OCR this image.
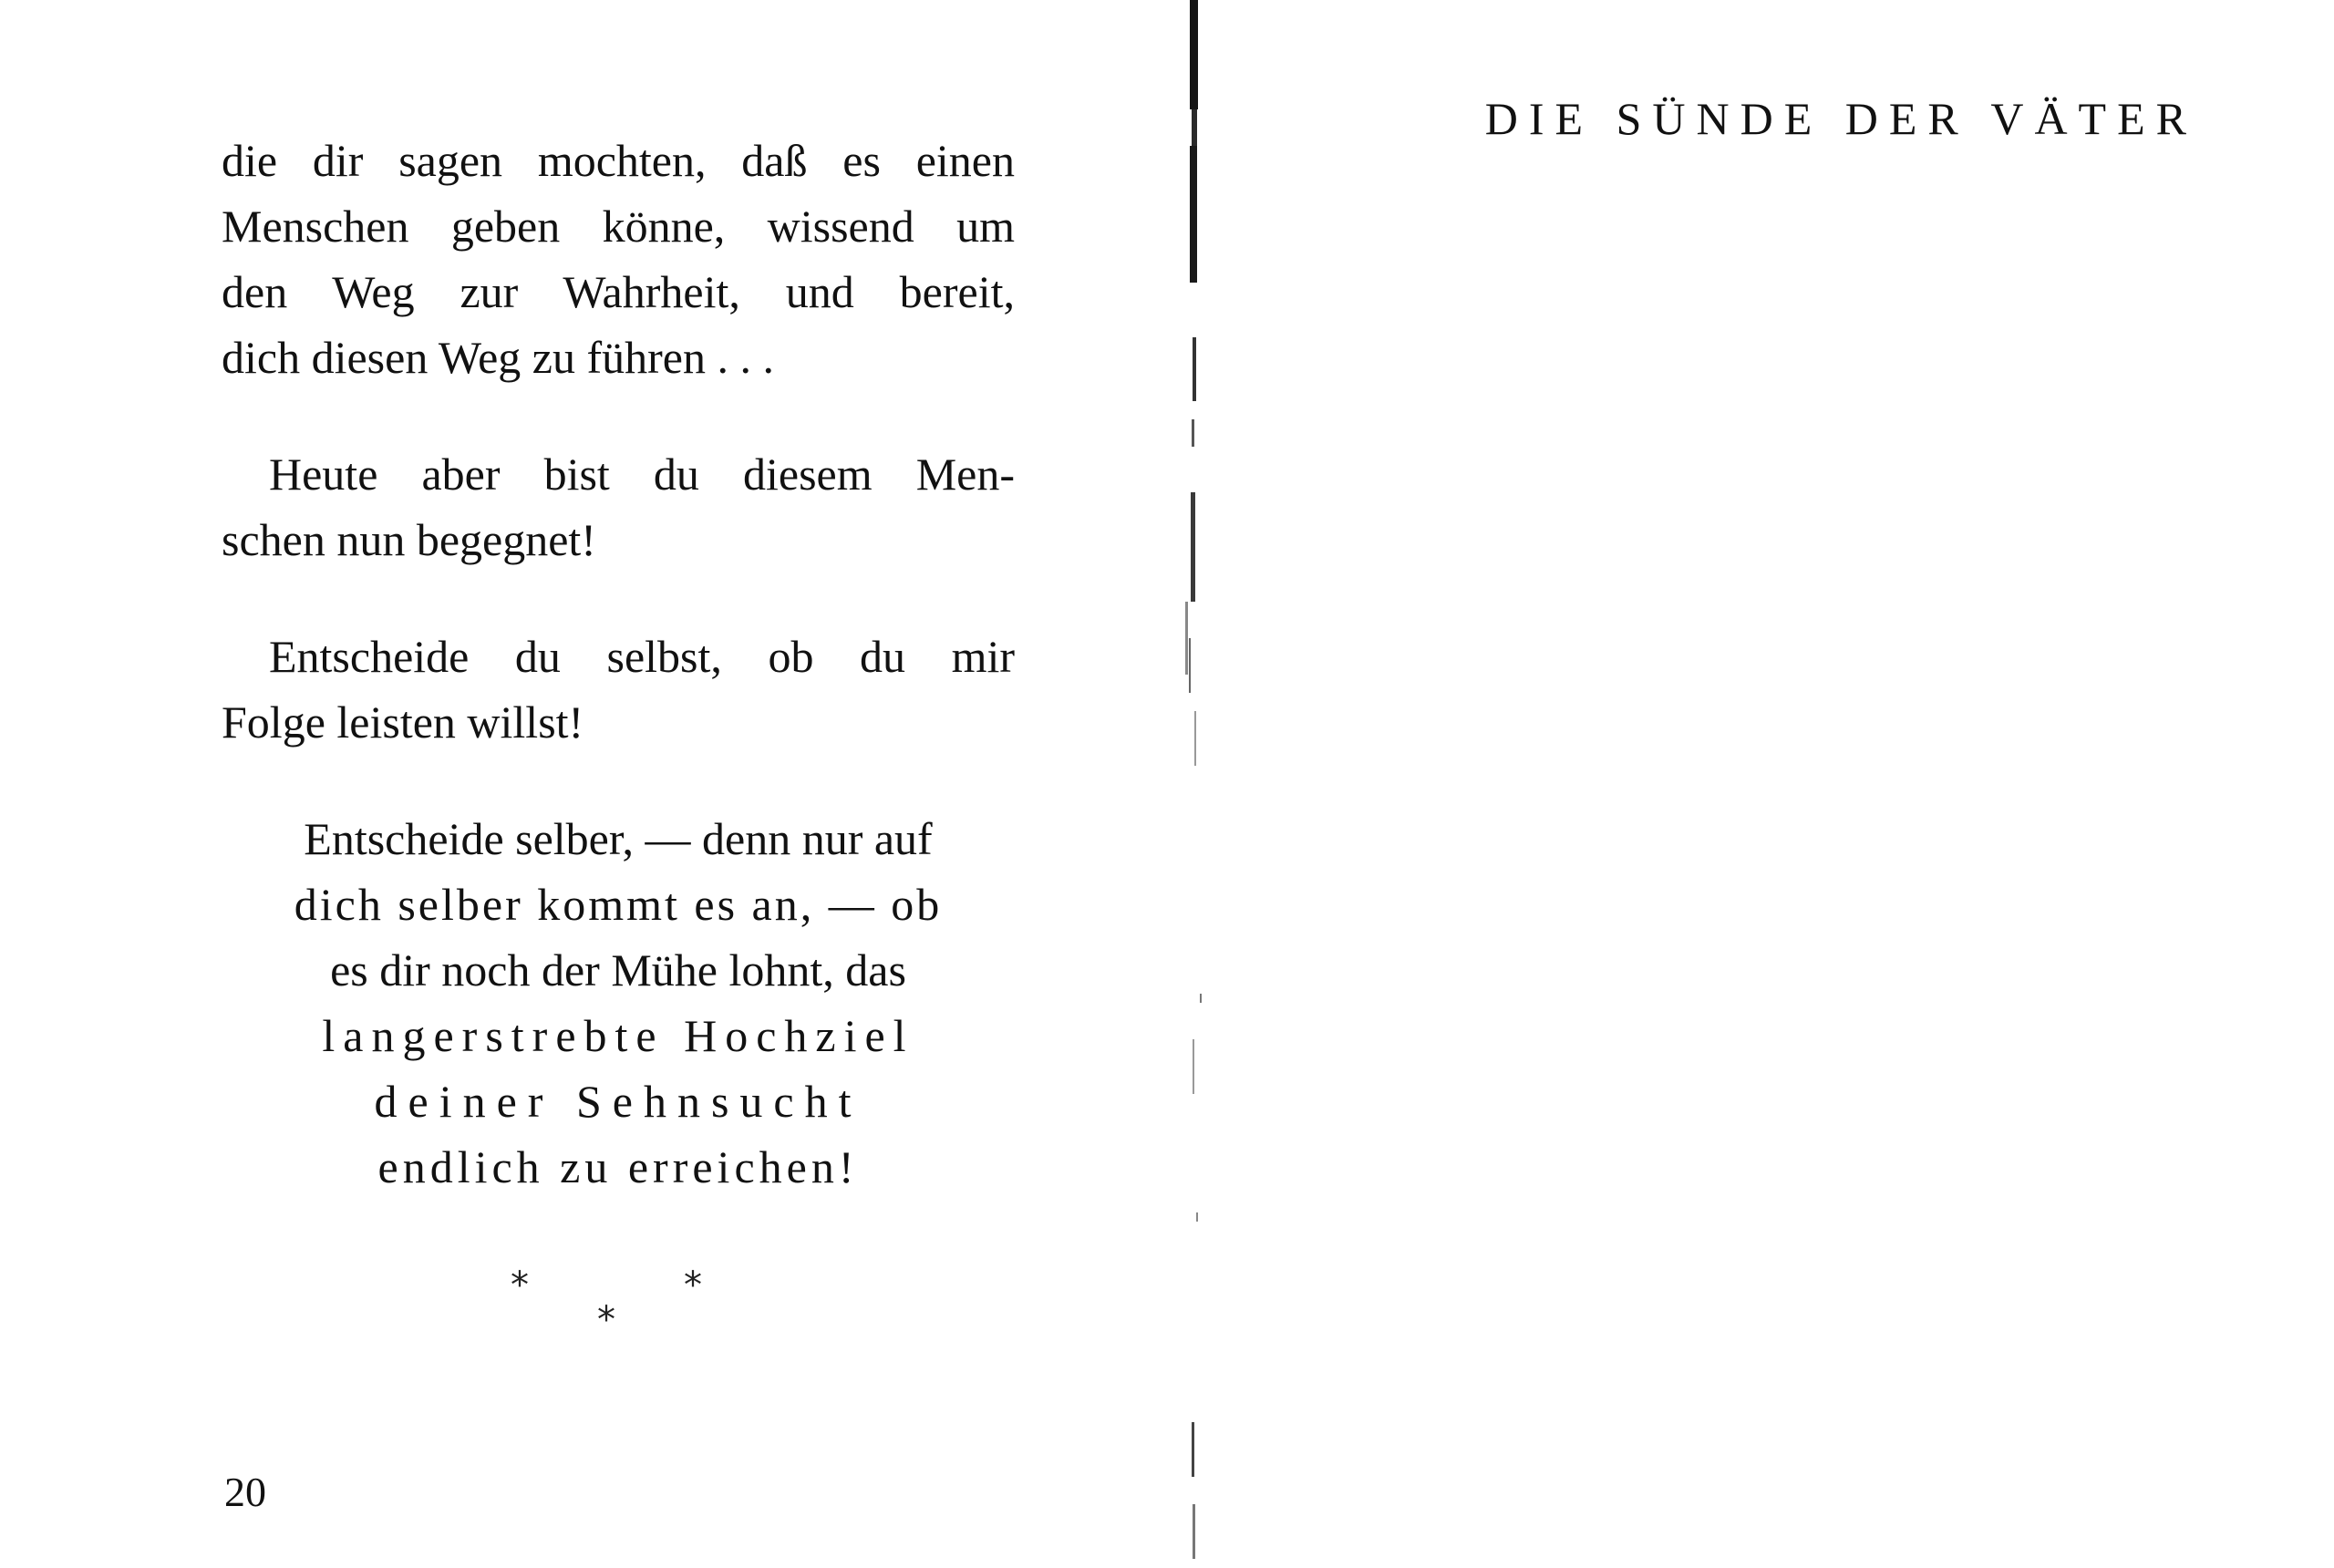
die dir sagen mochten, daß es einen
Menschen geben könne, wissend um
den Weg zur Wahrheit, und bereit,
dich diesen Weg zu führen . . .
Heute aber bist du diesem Men-
schen nun begegnet!
Entscheide du selbst, ob du mir
Folge leisten willst!
Entscheide selber, — denn nur auf
dich selber kommt es an, — ob
es dir noch der Mühe lohnt, das
langerstrebte Hochziel
deiner Sehnsucht
endlich zu erreichen!
*	*
*
20
DIE SÜNDE DER VÄTER
